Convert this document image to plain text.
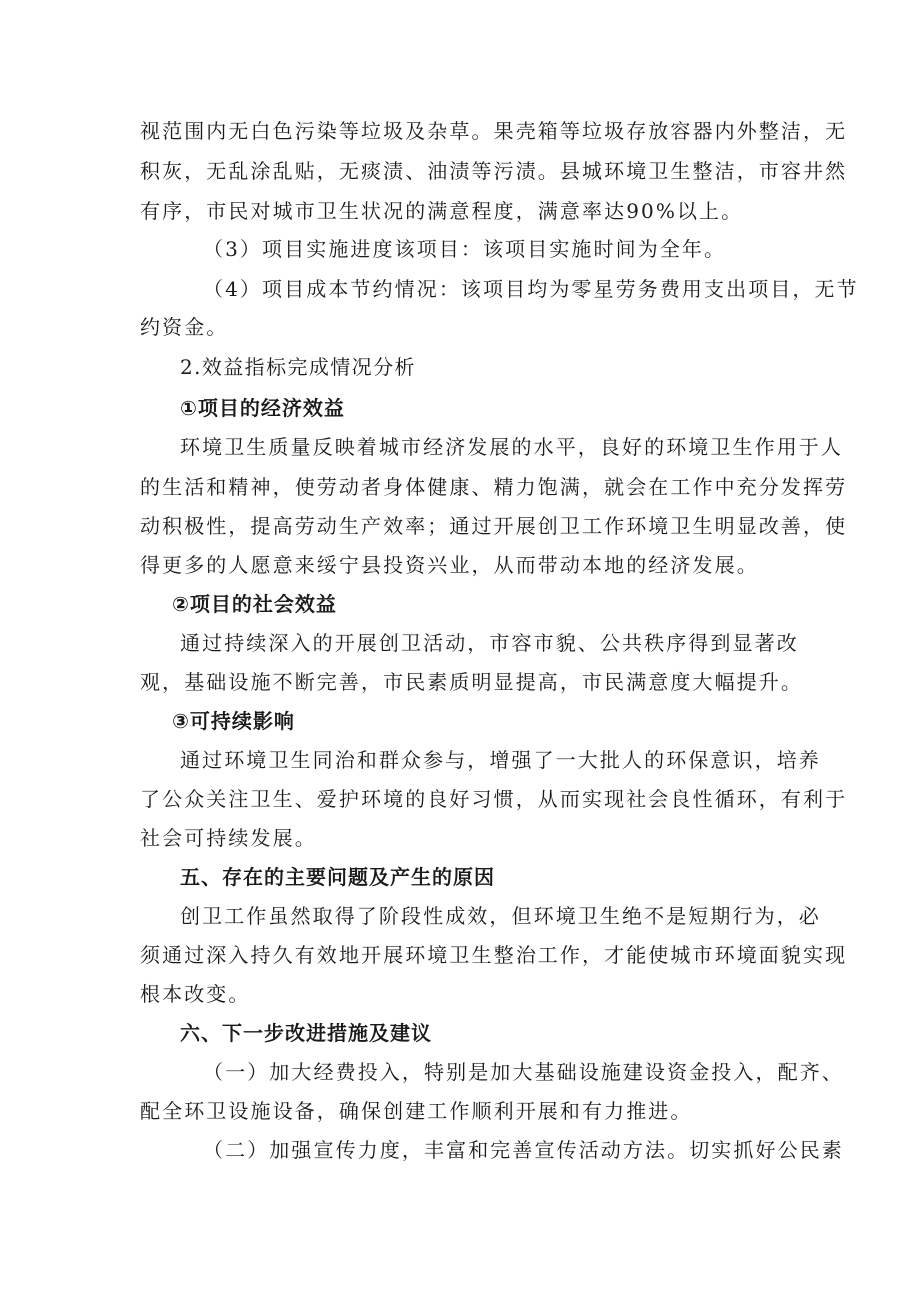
视范围内无白色污染等垃圾及杂草。果壳箱等垃圾存放容器内外整洁，无
积灰，无乱涂乱贴，无痰渍、油渍等污渍。县城环境卫生整洁，市容井然
有序，市民对城市卫生状况的满意程度，满意率达90%以上。
（3）项目实施进度该项目：该项目实施时间为全年。
（4）项目成本节约情况：该项目均为零星劳务费用支出项目，无节
约资金。
2.效益指标完成情况分析
①项目的经济效益
环境卫生质量反映着城市经济发展的水平，良好的环境卫生作用于人
的生活和精神，使劳动者身体健康、精力饱满，就会在工作中充分发挥劳
动积极性，提高劳动生产效率；通过开展创卫工作环境卫生明显改善，使
得更多的人愿意来绥宁县投资兴业，从而带动本地的经济发展。
②项目的社会效益
通过持续深入的开展创卫活动，市容市貌、公共秩序得到显著改
观，基础设施不断完善，市民素质明显提高，市民满意度大幅提升。
③可持续影响
通过环境卫生同治和群众参与，增强了一大批人的环保意识，培养
了公众关注卫生、爱护环境的良好习惯，从而实现社会良性循环，有利于
社会可持续发展。
五、存在的主要问题及产生的原因
创卫工作虽然取得了阶段性成效，但环境卫生绝不是短期行为，必
须通过深入持久有效地开展环境卫生整治工作，才能使城市环境面貌实现
根本改变。
六、下一步改进措施及建议
（一）加大经费投入，特别是加大基础设施建设资金投入，配齐、
配全环卫设施设备，确保创建工作顺利开展和有力推进。
（二）加强宣传力度，丰富和完善宣传活动方法。切实抓好公民素
